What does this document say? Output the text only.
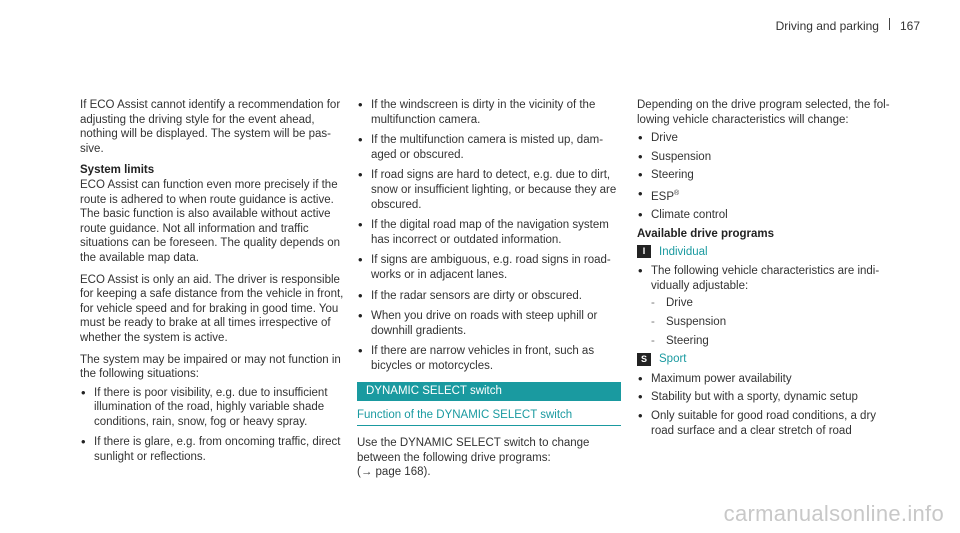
Driving and parking 167

If ECO Assist cannot identify a recommendation for adjusting the driving style for the event ahead, nothing will be displayed. The system will be passive.

System limits

ECO Assist can function even more precisely if the route is adhered to when route guidance is active. The basic function is also available without active route guidance. Not all information and traffic situations can be foreseen. The quality depends on the available map data.

ECO Assist is only an aid. The driver is responsible for keeping a safe distance from the vehicle in front, for vehicle speed and for braking in good time. You must be ready to brake at all times irrespective of whether the system is active.

The system may be impaired or may not function in the following situations:

• If there is poor visibility, e.g. due to insufficient illumination of the road, highly variable shade conditions, rain, snow, fog or heavy spray.
• If there is glare, e.g. from oncoming traffic, direct sunlight or reflections.
• If the windscreen is dirty in the vicinity of the multifunction camera.
• If the multifunction camera is misted up, damaged or obscured.
• If road signs are hard to detect, e.g. due to dirt, snow or insufficient lighting, or because they are obscured.
• If the digital road map of the navigation system has incorrect or outdated information.
• If signs are ambiguous, e.g. road signs in roadworks or in adjacent lanes.
• If the radar sensors are dirty or obscured.
• When you drive on roads with steep uphill or downhill gradients.
• If there are narrow vehicles in front, such as bicycles or motorcycles.
DYNAMIC SELECT switch
Function of the DYNAMIC SELECT switch

Use the DYNAMIC SELECT switch to change between the following drive programs:

(→ page 168).

Depending on the drive program selected, the following vehicle characteristics will change:

• Drive
• Suspension
• Steering
• ESP®
• Climate control
Available drive programs
I	Individual
• The following vehicle characteristics are individually adjustable:
- Drive
- Suspension
- Steering
S	Sport
• Maximum power availability
• Stability but with a sporty, dynamic setup
• Only suitable for good road conditions, a dry road surface and a clear stretch of road
carmanualsonline.info
